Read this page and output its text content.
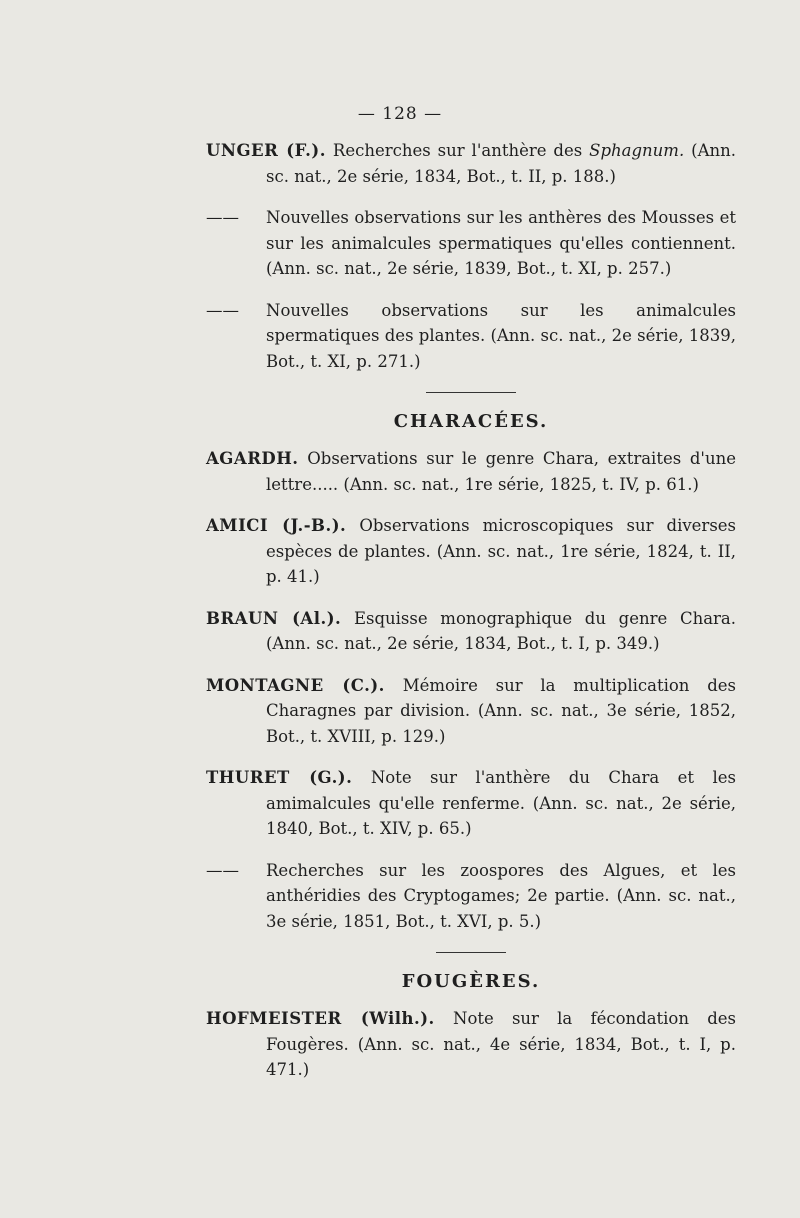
— 128 —

UNGER (F.). Recherches sur l'anthère des Sphagnum. (Ann. sc. nat., 2e série, 1834, Bot., t. II, p. 188.)

—— Nouvelles observations sur les anthères des Mousses et sur les animalcules spermatiques qu'elles contiennent. (Ann. sc. nat., 2e série, 1839, Bot., t. XI, p. 257.)

—— Nouvelles observations sur les animalcules spermatiques des plantes. (Ann. sc. nat., 2e série, 1839, Bot., t. XI, p. 271.)

CHARACÉES.

AGARDH. Observations sur le genre Chara, extraites d'une lettre..... (Ann. sc. nat., 1re série, 1825, t. IV, p. 61.)

AMICI (J.-B.). Observations microscopiques sur diverses espèces de plantes. (Ann. sc. nat., 1re série, 1824, t. II, p. 41.)

BRAUN (Al.). Esquisse monographique du genre Chara. (Ann. sc. nat., 2e série, 1834, Bot., t. I, p. 349.)

MONTAGNE (C.). Mémoire sur la multiplication des Charagnes par division. (Ann. sc. nat., 3e série, 1852, Bot., t. XVIII, p. 129.)

THURET (G.). Note sur l'anthère du Chara et les amimalcules qu'elle renferme. (Ann. sc. nat., 2e série, 1840, Bot., t. XIV, p. 65.)

—— Recherches sur les zoospores des Algues, et les anthéridies des Cryptogames; 2e partie. (Ann. sc. nat., 3e série, 1851, Bot., t. XVI, p. 5.)

FOUGÈRES.

HOFMEISTER (Wilh.). Note sur la fécondation des Fougères. (Ann. sc. nat., 4e série, 1834, Bot., t. I, p. 471.)
